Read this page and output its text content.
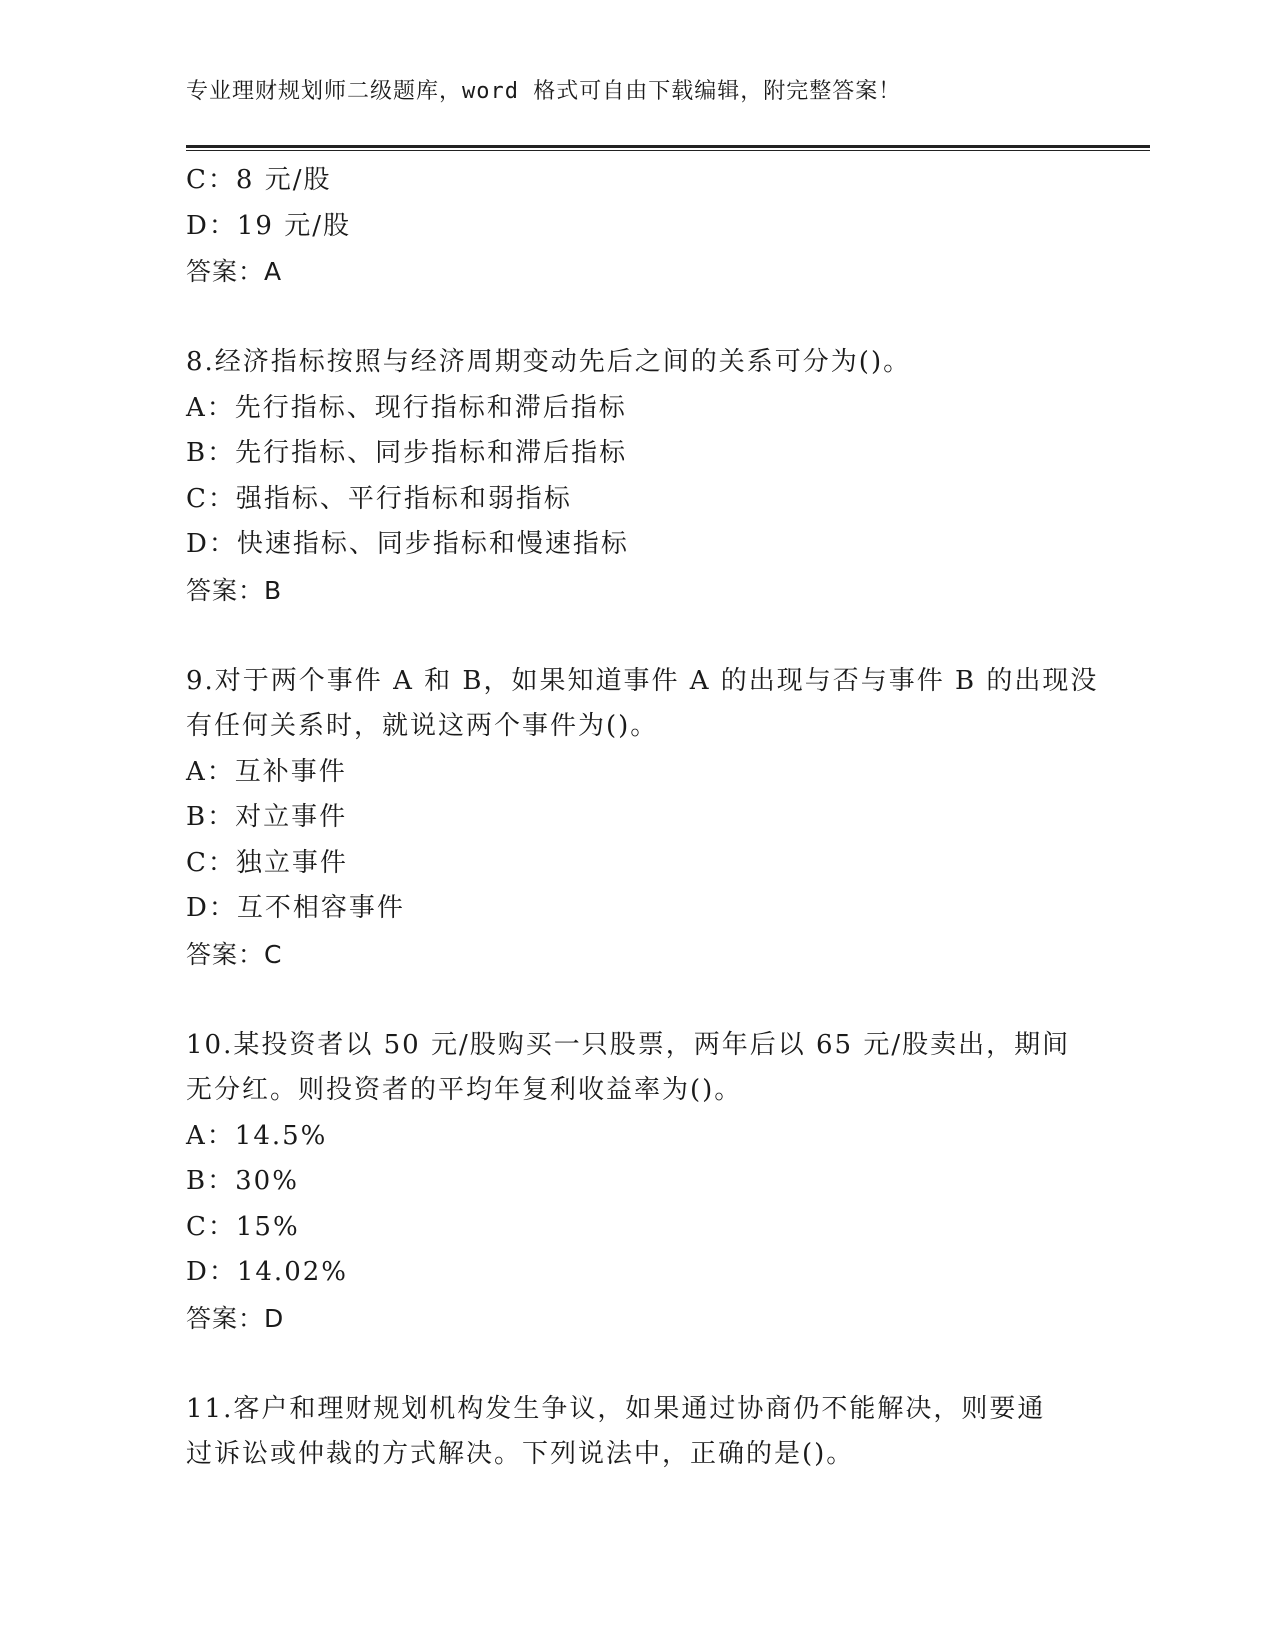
专业理财规划师二级题库，word 格式可自由下载编辑，附完整答案！
C：8 元/股
D：19 元/股
答案：A
8.经济指标按照与经济周期变动先后之间的关系可分为()。
A：先行指标、现行指标和滞后指标
B：先行指标、同步指标和滞后指标
C：强指标、平行指标和弱指标
D：快速指标、同步指标和慢速指标
答案：B
9.对于两个事件 A 和 B，如果知道事件 A 的出现与否与事件 B 的出现没
有任何关系时，就说这两个事件为()。
A：互补事件
B：对立事件
C：独立事件
D：互不相容事件
答案：C
10.某投资者以 50 元/股购买一只股票，两年后以 65 元/股卖出，期间
无分红。则投资者的平均年复利收益率为()。
A：14.5%
B：30%
C：15%
D：14.02%
答案：D
11.客户和理财规划机构发生争议，如果通过协商仍不能解决，则要通
过诉讼或仲裁的方式解决。下列说法中，正确的是()。
